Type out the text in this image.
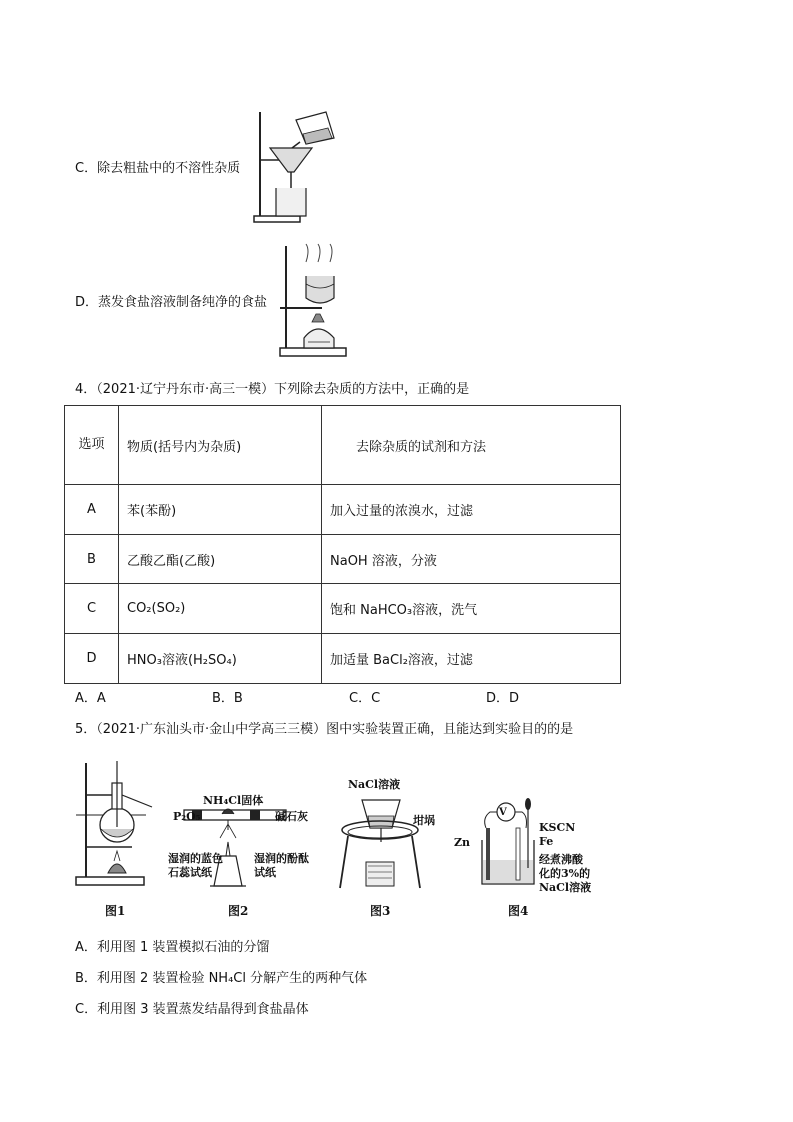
C．除去粗盐中的不溶性杂质
D．蒸发食盐溶液制备纯净的食盐
4．（2021·辽宁丹东市·高三一模）下列除去杂质的方法中，正确的是
选项	物质(括号内为杂质)	去除杂质的试剂和方法
A	苯(苯酚)	加入过量的浓溴水，过滤
B	乙酸乙酯(乙酸)	NaOH 溶液，分液
C	CO₂(SO₂)	饱和 NaHCO₃溶液，洗气
D	HNO₃溶液(H₂SO₄)	加适量 BaCl₂溶液，过滤
A．A	B．B	C．C	D．D
5．（2021·广东汕头市·金山中学高三三模）图中实验装置正确，且能达到实验目的的是
图1
NH₄Cl固体
P₂O₅	碱石灰
湿润的蓝色
石蕊试纸
湿润的酚酞
试纸
图2
NaCl溶液
坩埚
图3
V
KSCN
Fe
Zn
经煮沸酸
化的3%的
NaCl溶液
图4
A．利用图 1 装置模拟石油的分馏
B．利用图 2 装置检验 NH₄Cl 分解产生的两种气体
C．利用图 3 装置蒸发结晶得到食盐晶体
